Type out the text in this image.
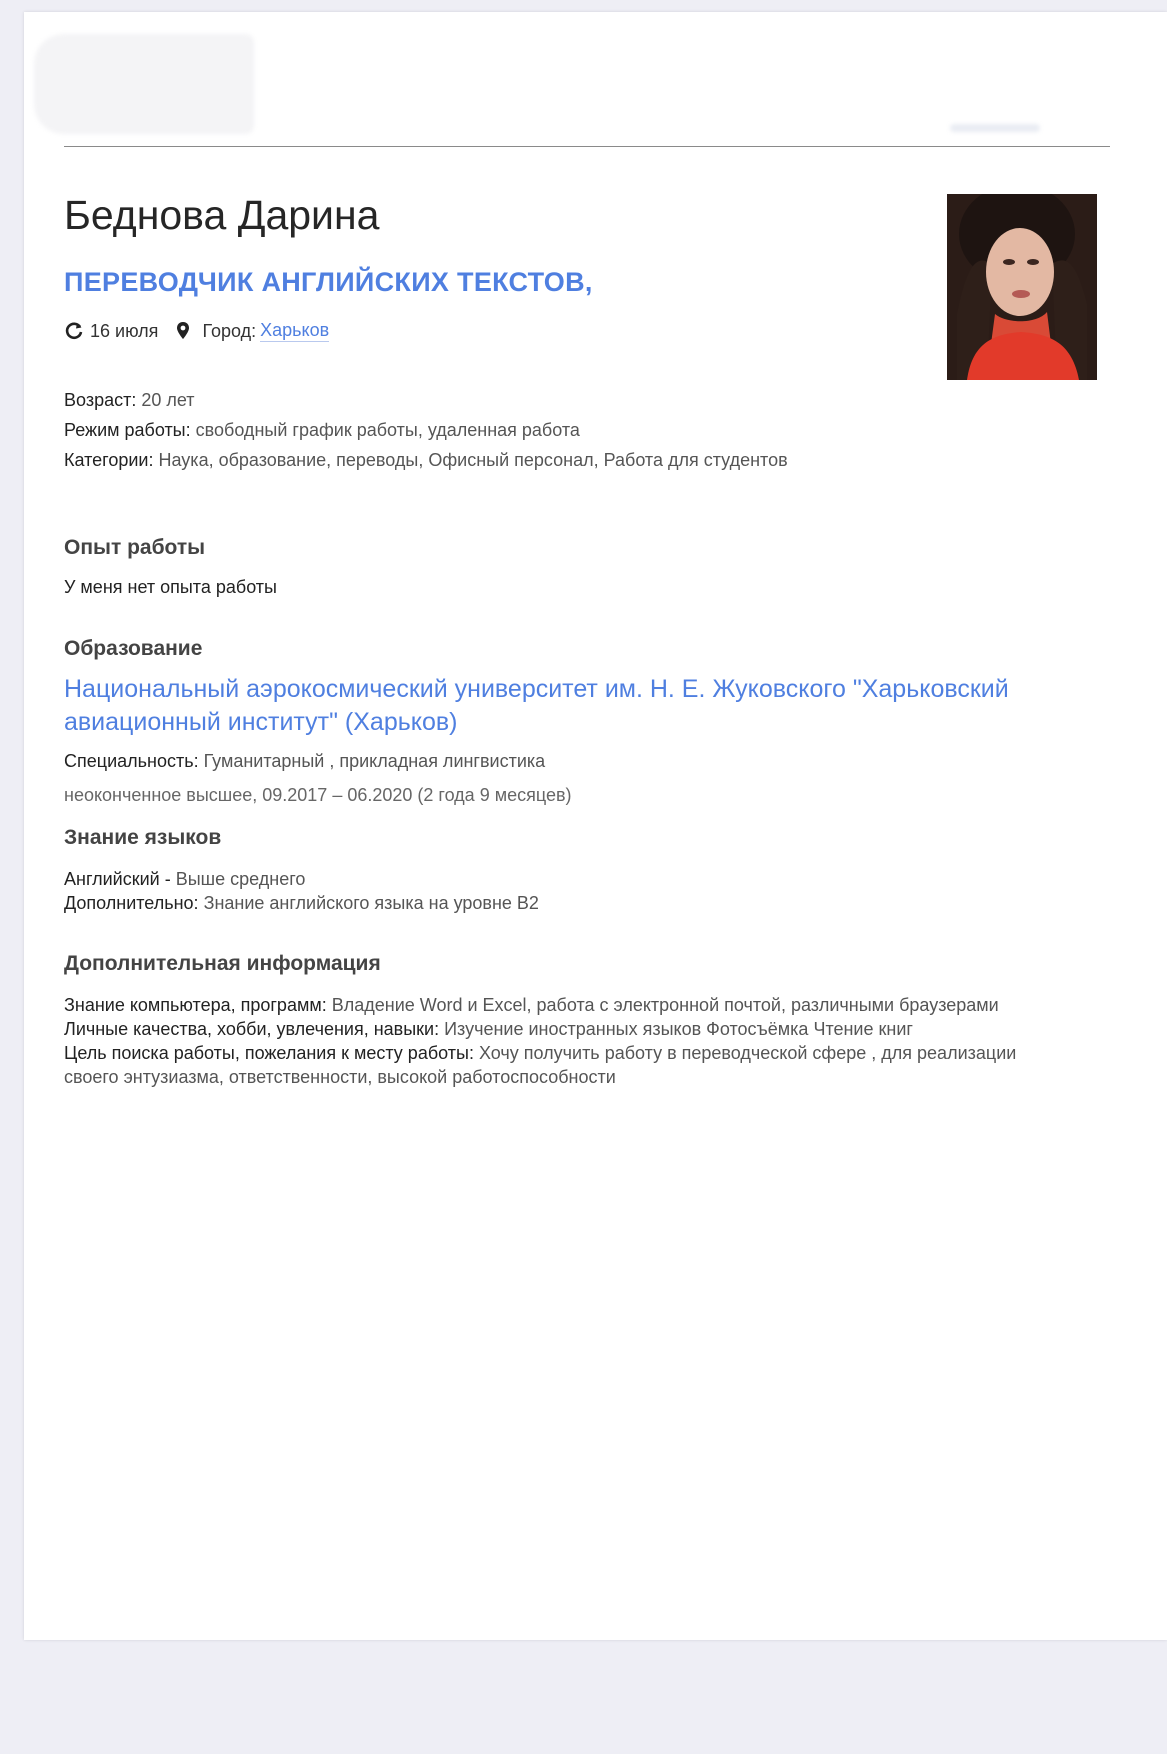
Беднова Дарина
ПЕРЕВОДЧИК АНГЛИЙСКИХ ТЕКСТОВ,
16 июля Город: Харьков
Возраст: 20 лет
Режим работы: свободный график работы, удаленная работа
Категории: Наука, образование, переводы, Офисный персонал, Работа для студентов
Опыт работы
У меня нет опыта работы
Образование
Национальный аэрокосмический университет им. Н. Е. Жуковского "Харьковский авиационный институт" (Харьков)
Специальность: Гуманитарный , прикладная лингвистика
неоконченное высшее, 09.2017 – 06.2020 (2 года 9 месяцев)
Знание языков
Английский - Выше среднего
Дополнительно: Знание английского языка на уровне B2
Дополнительная информация
Знание компьютера, программ: Владение Word и Excel, работа с электронной почтой, различными браузерами
Личные качества, хобби, увлечения, навыки: Изучение иностранных языков Фотосъёмка Чтение книг
Цель поиска работы, пожелания к месту работы: Хочу получить работу в переводческой сфере , для реализации
своего энтузиазма, ответственности, высокой работоспособности
